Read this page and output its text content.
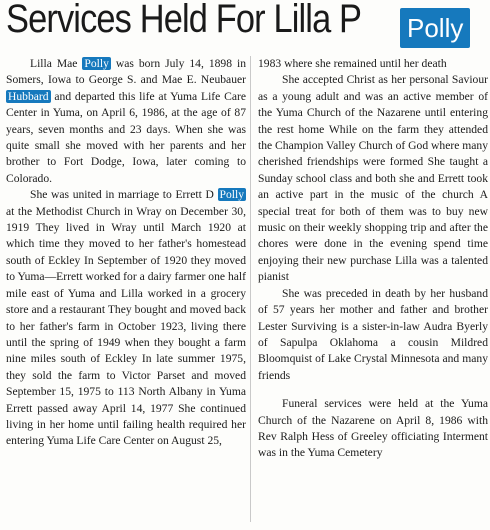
Services Held For Lilla P Polly

Lilla Mae Polly was born July 14, 1898 in Somers, Iowa to George S. and Mae E. Neubauer Hubbard and departed this life at Yuma Life Care Center in Yuma, on April 6, 1986, at the age of 87 years, seven months and 23 days. When she was quite small she moved with her parents and her brother to Fort Dodge, Iowa, later coming to Colorado.

She was united in marriage to Errett D Polly at the Methodist Church in Wray on December 30, 1919 They lived in Wray until March 1920 at which time they moved to her father's homestead south of Eckley In September of 1920 they moved to Yuma—Errett worked for a dairy farmer one half mile east of Yuma and Lilla worked in a grocery store and a restaurant They bought and moved back to her father's farm in October 1923, living there until the spring of 1949 when they bought a farm nine miles south of Eckley In late summer 1975, they sold the farm to Victor Parset and moved September 15, 1975 to 113 North Albany in Yuma Errett passed away April 14, 1977 She continued living in her home until failing health required her entering Yuma Life Care Center on August 25,

1983 where she remained until her death

She accepted Christ as her personal Saviour as a young adult and was an active member of the Yuma Church of the Nazarene until entering the rest home While on the farm they attended the Champion Valley Church of God where many cherished friendships were formed She taught a Sunday school class and both she and Errett took an active part in the music of the church A special treat for both of them was to buy new music on their weekly shopping trip and after the chores were done in the evening spend time enjoying their new purchase Lilla was a talented pianist

She was preceded in death by her husband of 57 years her mother and father and brother Lester Surviving is a sister-in-law Audra Byerly of Sapulpa Oklahoma a cousin Mildred Bloomquist of Lake Crystal Minnesota and many friends

Funeral services were held at the Yuma Church of the Nazarene on April 8, 1986 with Rev Ralph Hess of Greeley officiating Interment was in the Yuma Cemetery
